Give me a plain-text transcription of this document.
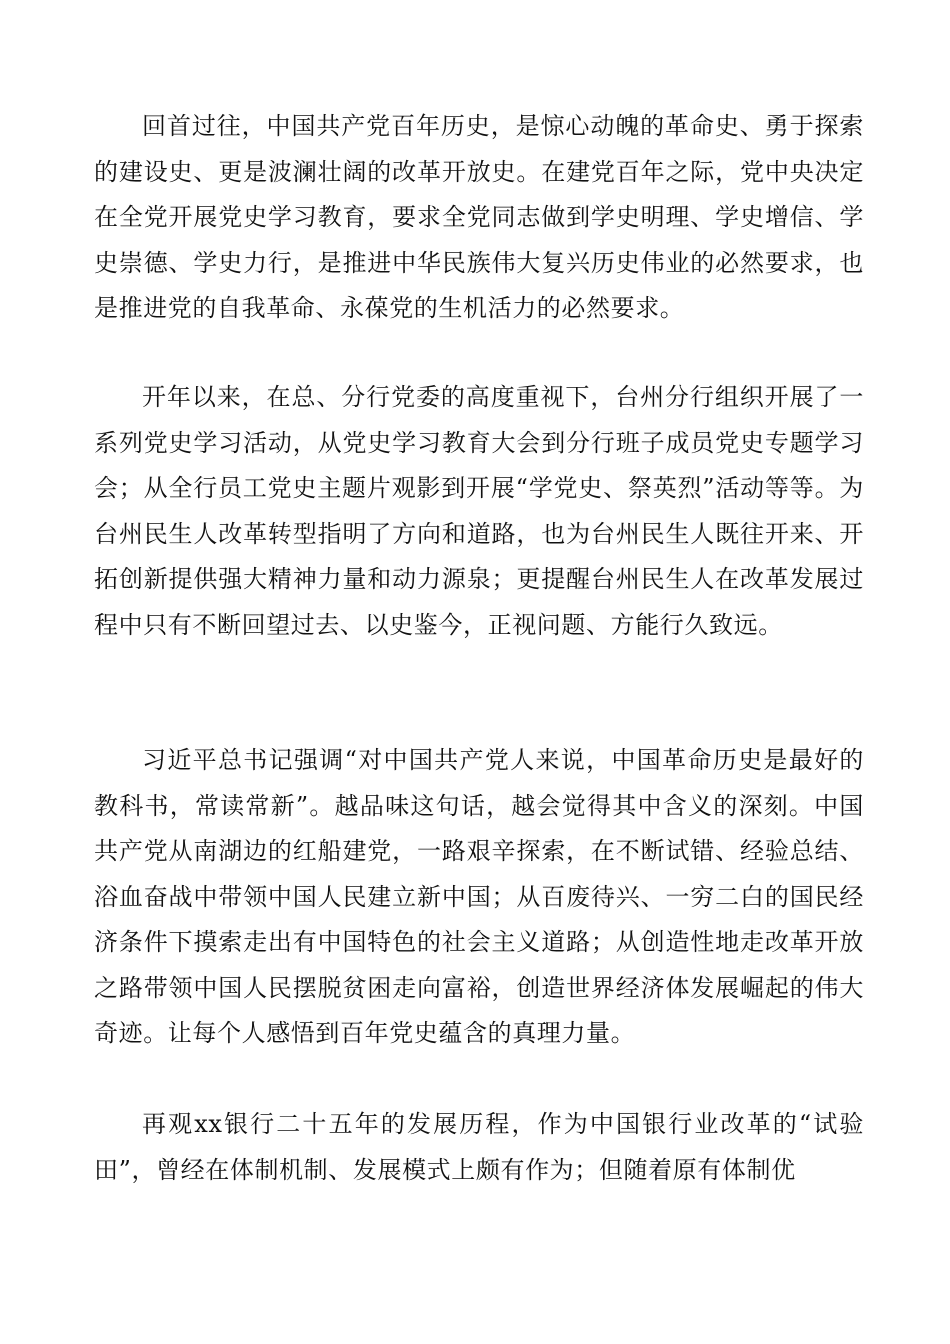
回首过往，中国共产党百年历史，是惊心动魄的革命史、勇于探索的建设史、更是波澜壮阔的改革开放史。在建党百年之际，党中央决定在全党开展党史学习教育，要求全党同志做到学史明理、学史增信、学史崇德、学史力行，是推进中华民族伟大复兴历史伟业的必然要求，也是推进党的自我革命、永葆党的生机活力的必然要求。

开年以来，在总、分行党委的高度重视下，台州分行组织开展了一系列党史学习活动，从党史学习教育大会到分行班子成员党史专题学习会；从全行员工党史主题片观影到开展“学党史、祭英烈”活动等等。为台州民生人改革转型指明了方向和道路，也为台州民生人既往开来、开拓创新提供强大精神力量和动力源泉；更提醒台州民生人在改革发展过程中只有不断回望过去、以史鉴今，正视问题、方能行久致远。

习近平总书记强调“对中国共产党人来说，中国革命历史是最好的教科书，常读常新”。越品味这句话，越会觉得其中含义的深刻。中国共产党从南湖边的红船建党，一路艰辛探索，在不断试错、经验总结、浴血奋战中带领中国人民建立新中国；从百废待兴、一穷二白的国民经济条件下摸索走出有中国特色的社会主义道路；从创造性地走改革开放之路带领中国人民摆脱贫困走向富裕，创造世界经济体发展崛起的伟大奇迹。让每个人感悟到百年党史蕴含的真理力量。

再观xx银行二十五年的发展历程，作为中国银行业改革的“试验田”，曾经在体制机制、发展模式上颇有作为；但随着原有体制优
